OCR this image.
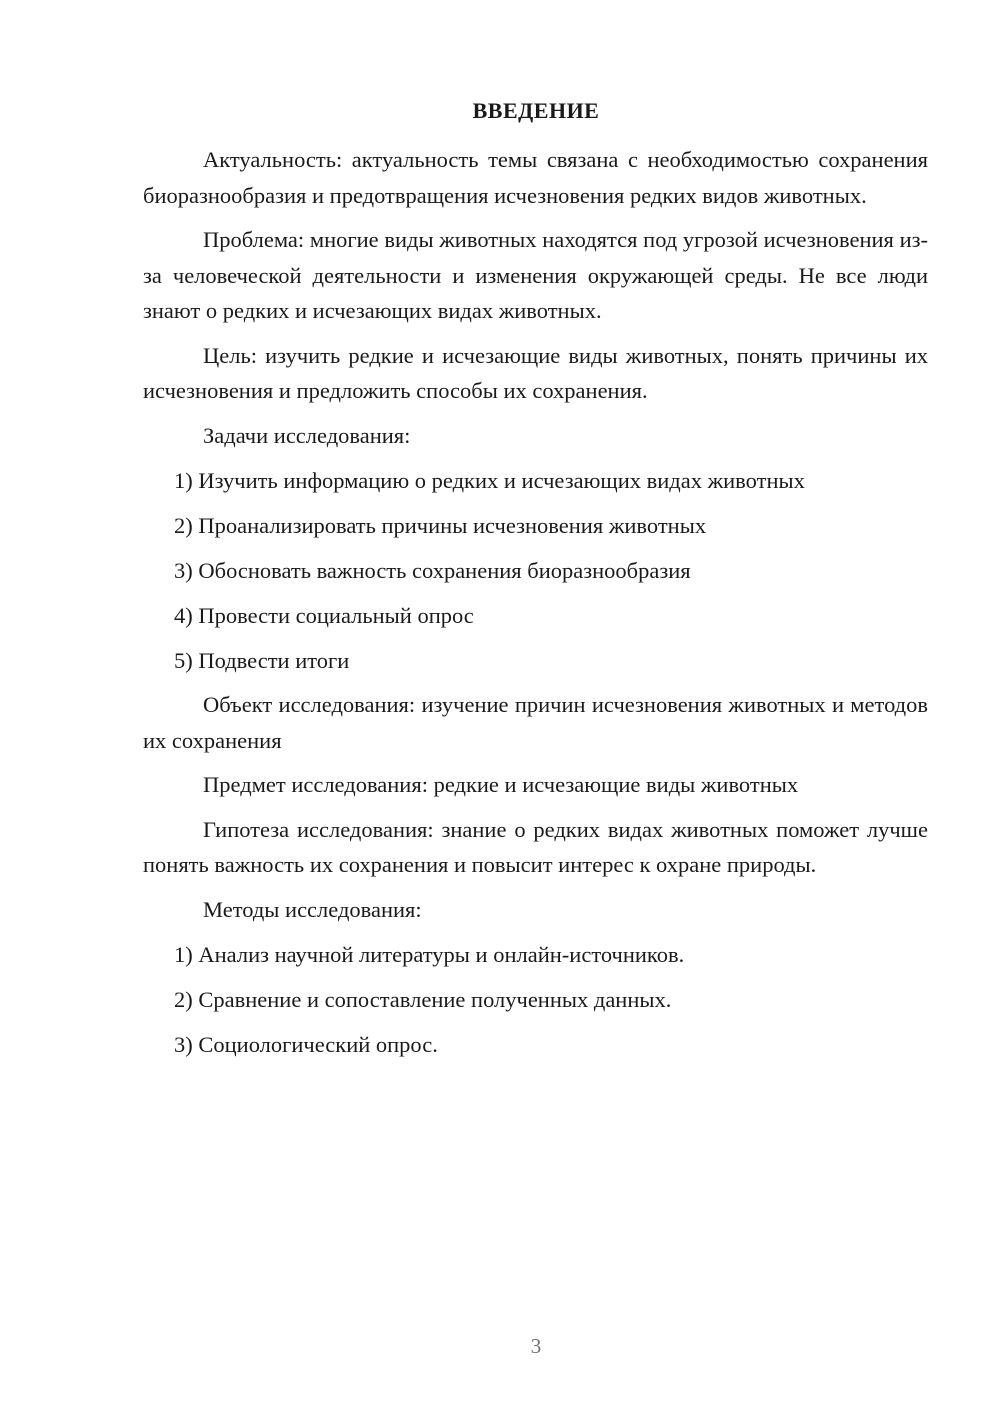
ВВЕДЕНИЕ

Актуальность: актуальность темы связана с необходимостью сохранения биоразнообразия и предотвращения исчезновения редких видов животных.

Проблема: многие виды животных находятся под угрозой исчезновения из-за человеческой деятельности и изменения окружающей среды. Не все люди знают о редких и исчезающих видах животных.

Цель: изучить редкие и исчезающие виды животных, понять причины их исчезновения и предложить способы их сохранения.

Задачи исследования:

1) Изучить информацию о редких и исчезающих видах животных

2) Проанализировать причины исчезновения животных

3) Обосновать важность сохранения биоразнообразия

4) Провести социальный опрос

5) Подвести итоги

Объект исследования: изучение причин исчезновения животных и методов их сохранения

Предмет исследования: редкие и исчезающие виды животных

Гипотеза исследования: знание о редких видах животных поможет лучше понять важность их сохранения и повысит интерес к охране природы.

Методы исследования:

1) Анализ научной литературы и онлайн-источников.

2) Сравнение и сопоставление полученных данных.

3) Социологический опрос.

3
